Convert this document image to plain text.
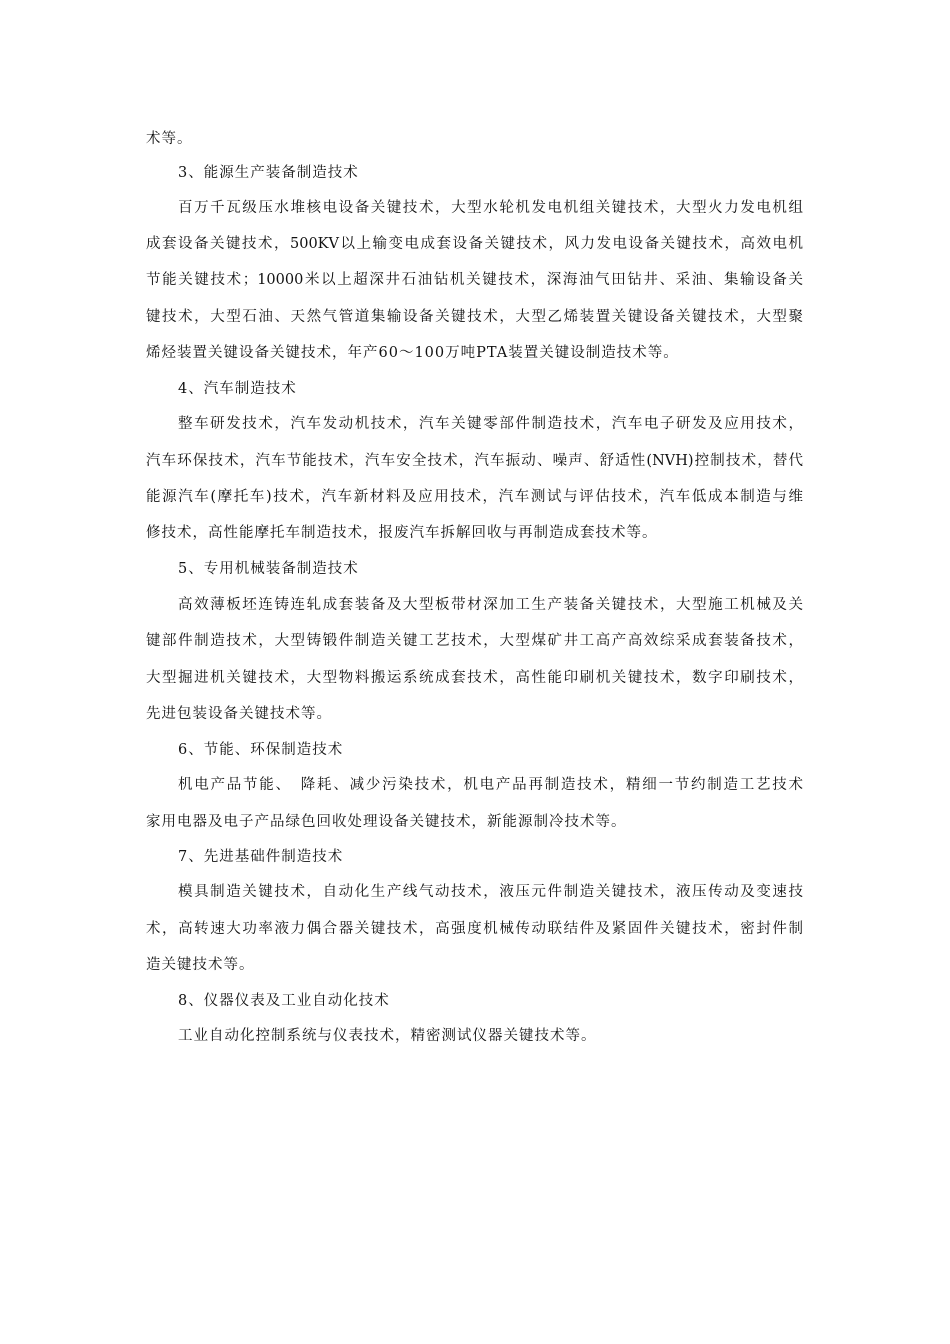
术等。
3、能源生产装备制造技术
百万千瓦级压水堆核电设备关键技术，大型水轮机发电机组关键技术，大型火力发电机组
成套设备关键技术，500KV以上输变电成套设备关键技术，风力发电设备关键技术，高效电机
节能关键技术；10000米以上超深井石油钻机关键技术，深海油气田钻井、采油、集输设备关
键技术，大型石油、天然气管道集输设备关键技术，大型乙烯装置关键设备关键技术，大型聚
烯烃装置关键设备关键技术，年产60～100万吨PTA装置关键设制造技术等。
4、汽车制造技术
整车研发技术，汽车发动机技术，汽车关键零部件制造技术，汽车电子研发及应用技术，
汽车环保技术，汽车节能技术，汽车安全技术，汽车振动、噪声、舒适性(NVH)控制技术，替代
能源汽车(摩托车)技术，汽车新材料及应用技术，汽车测试与评估技术，汽车低成本制造与维
修技术，高性能摩托车制造技术，报废汽车拆解回收与再制造成套技术等。
5、专用机械装备制造技术
高效薄板坯连铸连轧成套装备及大型板带材深加工生产装备关键技术，大型施工机械及关
键部件制造技术，大型铸锻件制造关键工艺技术，大型煤矿井工高产高效综采成套装备技术，
大型掘进机关键技术，大型物料搬运系统成套技术，高性能印刷机关键技术，数字印刷技术，
先进包装设备关键技术等。
6、节能、环保制造技术
机电产品节能、　降耗、减少污染技术，机电产品再制造技术，精细一节约制造工艺技术
家用电器及电子产品绿色回收处理设备关键技术，新能源制冷技术等。
7、先进基础件制造技术
模具制造关键技术，自动化生产线气动技术，液压元件制造关键技术，液压传动及变速技
术，高转速大功率液力偶合器关键技术，高强度机械传动联结件及紧固件关键技术，密封件制
造关键技术等。
8、仪器仪表及工业自动化技术
工业自动化控制系统与仪表技术，精密测试仪器关键技术等。
